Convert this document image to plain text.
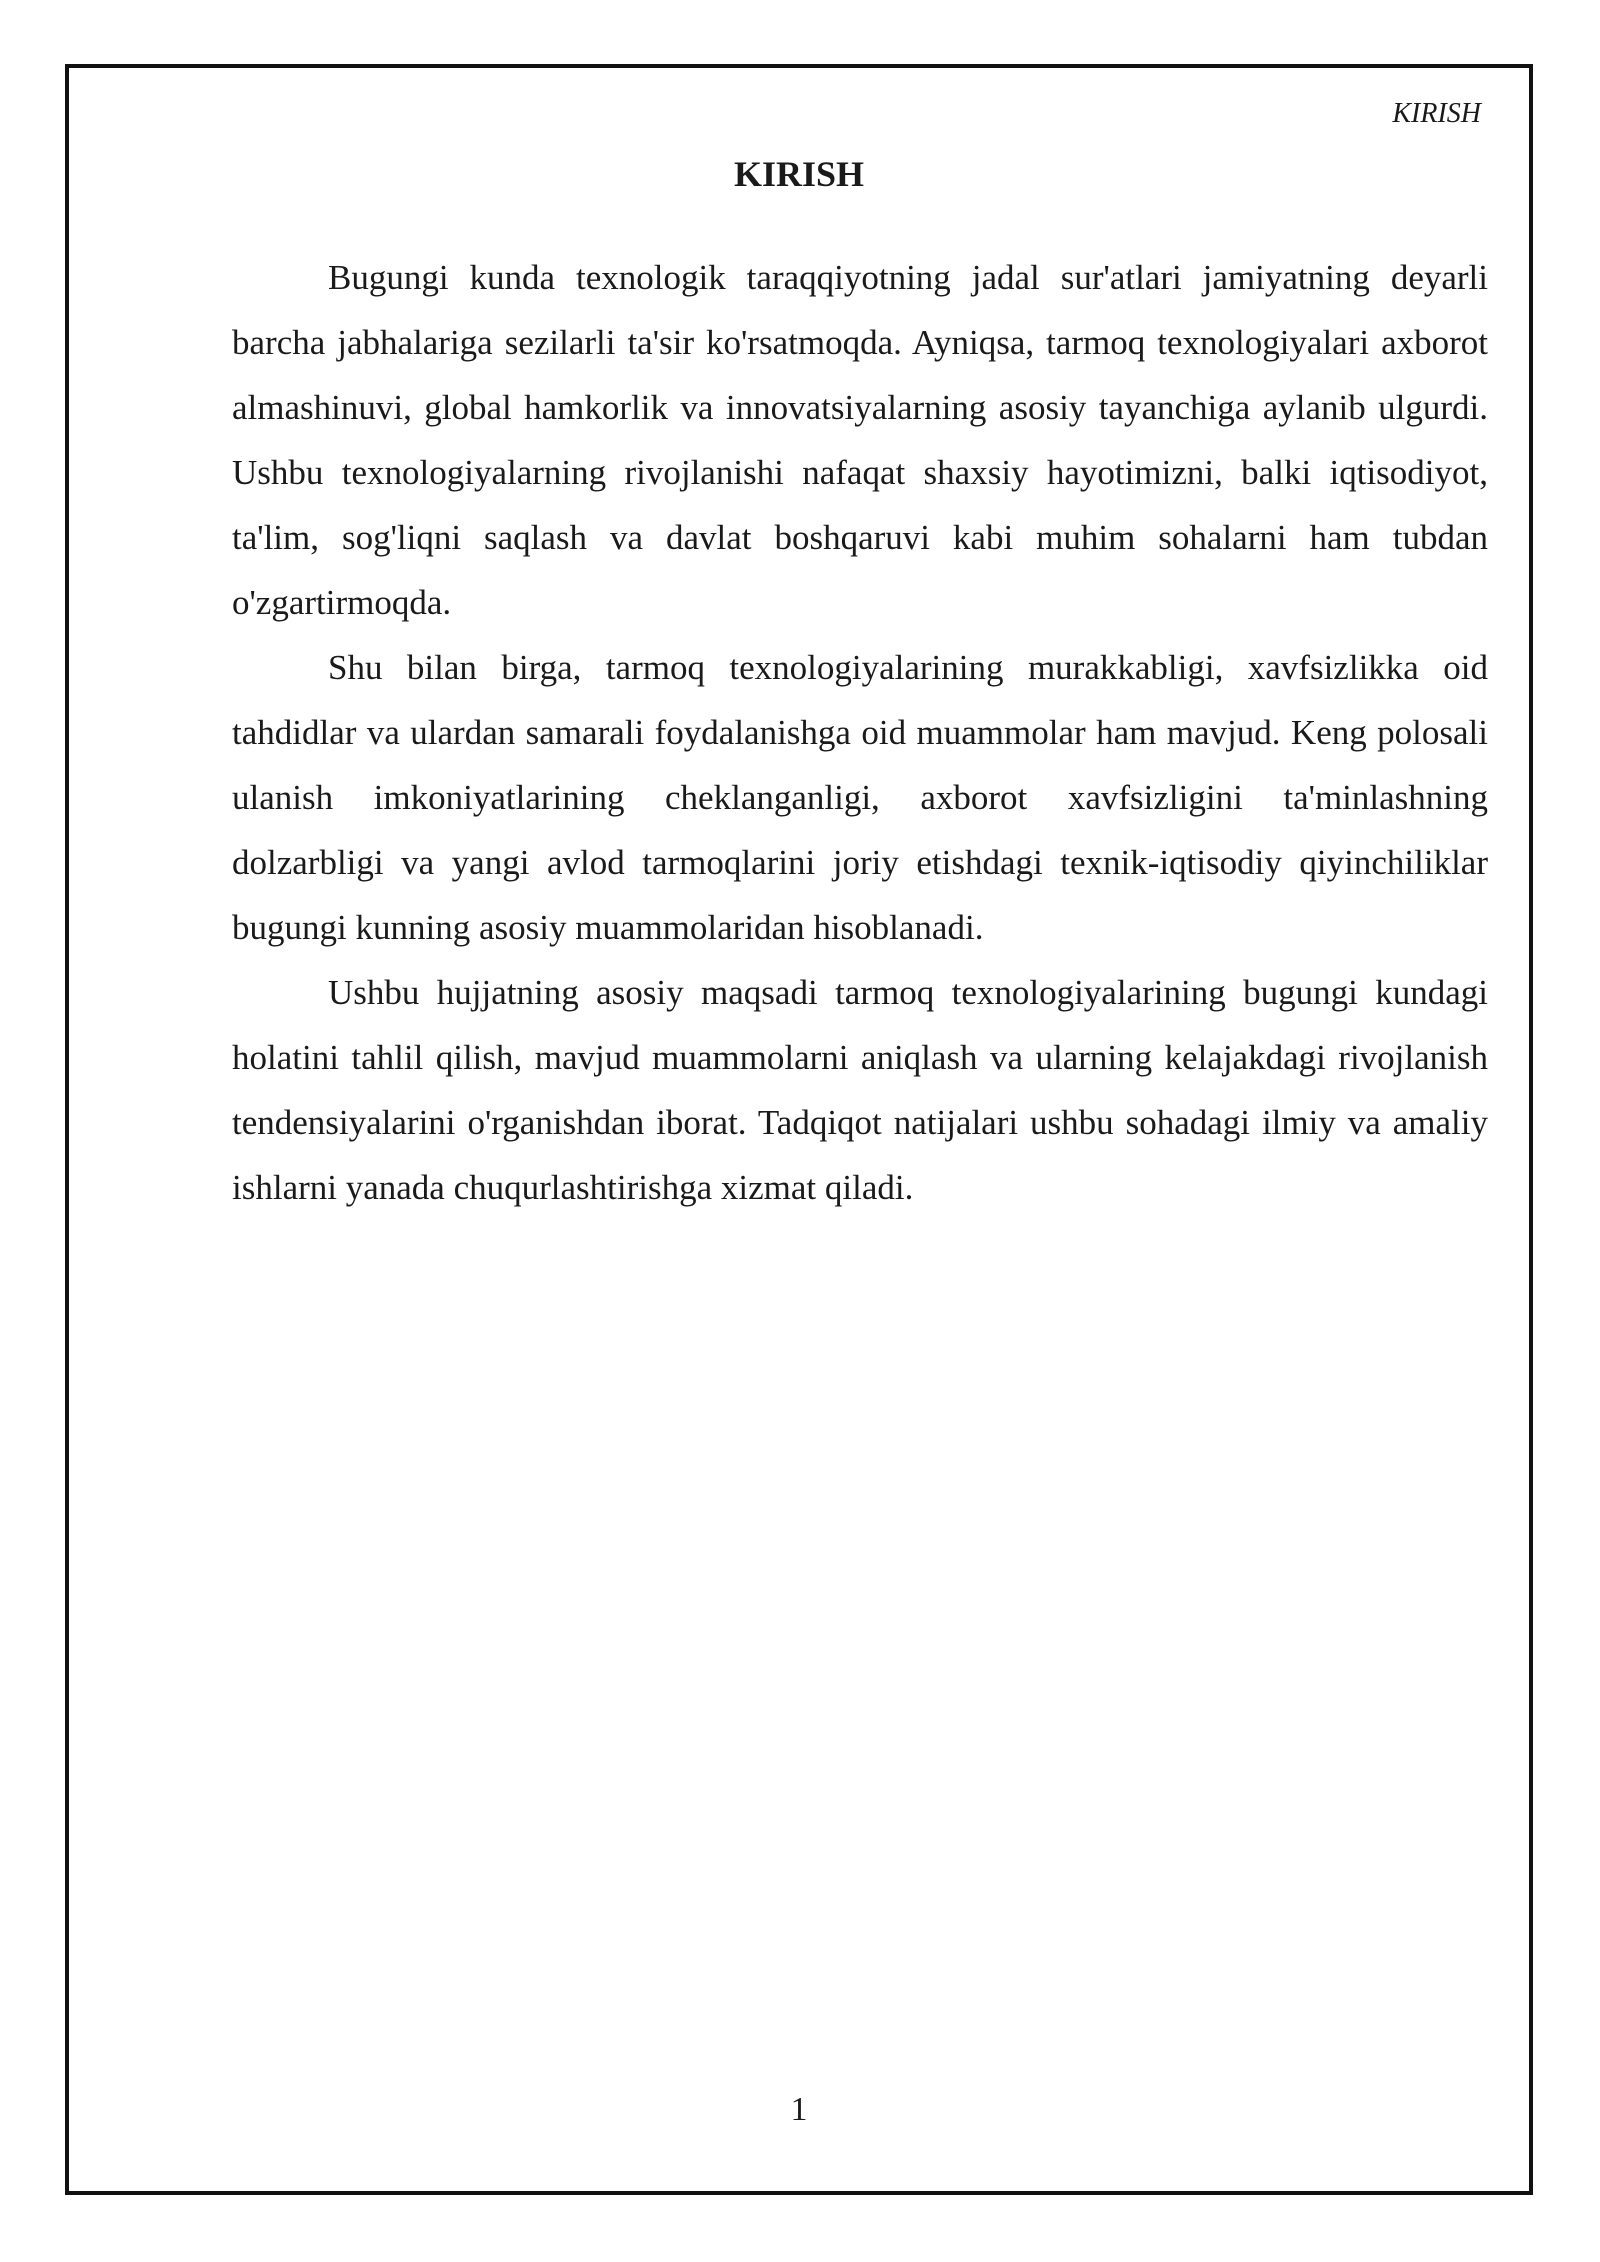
KIRISH
KIRISH

Bugungi kunda texnologik taraqqiyotning jadal sur'atlari jamiyatning deyarli barcha jabhalariga sezilarli ta'sir ko'rsatmoqda. Ayniqsa, tarmoq texnologiyalari axborot almashinuvi, global hamkorlik va innovatsiyalarning asosiy tayanchiga aylanib ulgurdi. Ushbu texnologiyalarning rivojlanishi nafaqat shaxsiy hayotimizni, balki iqtisodiyot, ta'lim, sog'liqni saqlash va davlat boshqaruvi kabi muhim sohalarni ham tubdan o'zgartirmoqda.

Shu bilan birga, tarmoq texnologiyalarining murakkabligi, xavfsizlikka oid tahdidlar va ulardan samarali foydalanishga oid muammolar ham mavjud. Keng polosali ulanish imkoniyatlarining cheklanganligi, axborot xavfsizligini ta'minlashning dolzarbligi va yangi avlod tarmoqlarini joriy etishdagi texnik-iqtisodiy qiyinchiliklar bugungi kunning asosiy muammolaridan hisoblanadi.

Ushbu hujjatning asosiy maqsadi tarmoq texnologiyalarining bugungi kundagi holatini tahlil qilish, mavjud muammolarni aniqlash va ularning kelajakdagi rivojlanish tendensiyalarini o'rganishdan iborat. Tadqiqot natijalari ushbu sohadagi ilmiy va amaliy ishlarni yanada chuqurlashtirishga xizmat qiladi.

1
